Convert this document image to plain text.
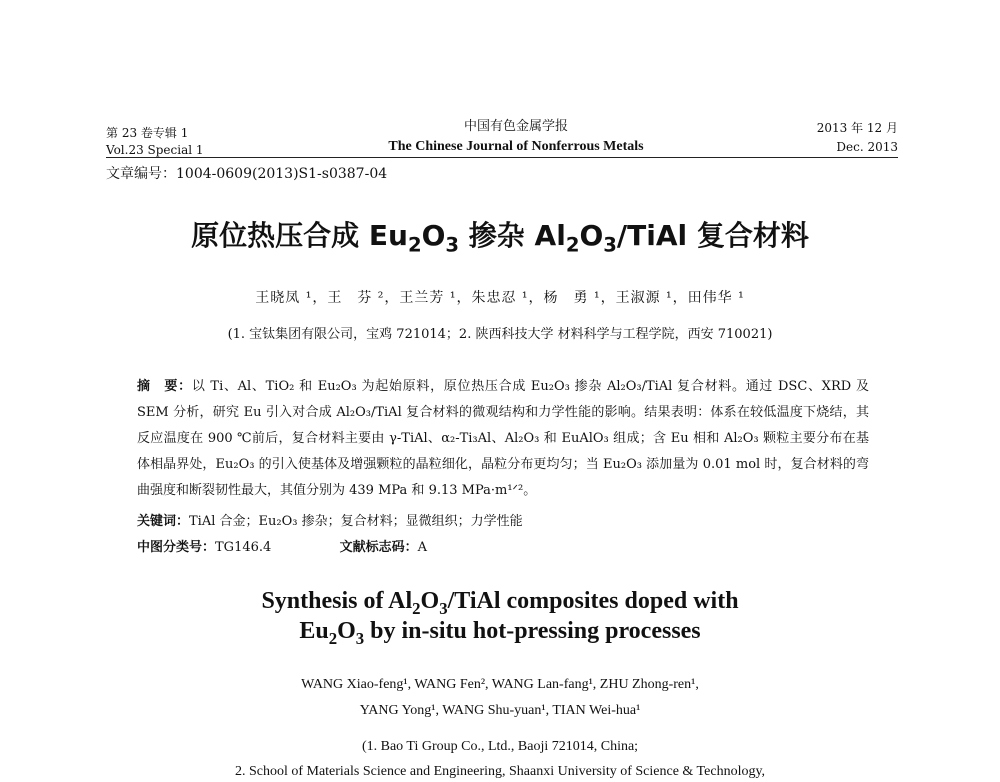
第 23 卷专辑 1
Vol.23 Special 1
中国有色金属学报
The Chinese Journal of Nonferrous Metals
2013 年 12 月
Dec. 2013
文章编号：1004-0609(2013)S1-s0387-04
原位热压合成 $Eu_2O_3$ 掺杂 $Al_2O_3$/TiAl 复合材料
王晓凤 ¹，王　芬 ²，王兰芳 ¹，朱忠忍 ¹，杨　勇 ¹，王淑源 ¹，田伟华 ¹
(1. 宝钛集团有限公司，宝鸡 721014；2. 陕西科技大学 材料科学与工程学院，西安 710021)
摘　要：以 Ti、Al、TiO₂ 和 Eu₂O₃ 为起始原料，原位热压合成 Eu₂O₃ 掺杂 Al₂O₃/TiAl 复合材料。通过 DSC、XRD 及 SEM 分析，研究 Eu 引入对合成 Al₂O₃/TiAl 复合材料的微观结构和力学性能的影响。结果表明：体系在较低温度下烧结，其反应温度在 900 ℃前后，复合材料主要由 γ-TiAl、α₂-Ti₃Al、Al₂O₃ 和 EuAlO₃ 组成；含 Eu 相和 Al₂O₃ 颗粒主要分布在基体相晶界处，Eu₂O₃ 的引入使基体及增强颗粒的晶粒细化，晶粒分布更均匀；当 Eu₂O₃ 添加量为 0.01 mol 时，复合材料的弯曲强度和断裂韧性最大，其值分别为 439 MPa 和 9.13 MPa·m¹ᐟ²。
关键词：TiAl 合金；Eu₂O₃ 掺杂；复合材料；显微组织；力学性能
中图分类号：TG146.4	文献标志码：A
Synthesis of $Al_2O_3$/TiAl composites doped with
$Eu_2O_3$ by in-situ hot-pressing processes
WANG Xiao-feng¹, WANG Fen², WANG Lan-fang¹, ZHU Zhong-ren¹,
YANG Yong¹, WANG Shu-yuan¹, TIAN Wei-hua¹
(1. Bao Ti Group Co., Ltd., Baoji 721014, China;
2. School of Materials Science and Engineering, Shaanxi University of Science & Technology,
